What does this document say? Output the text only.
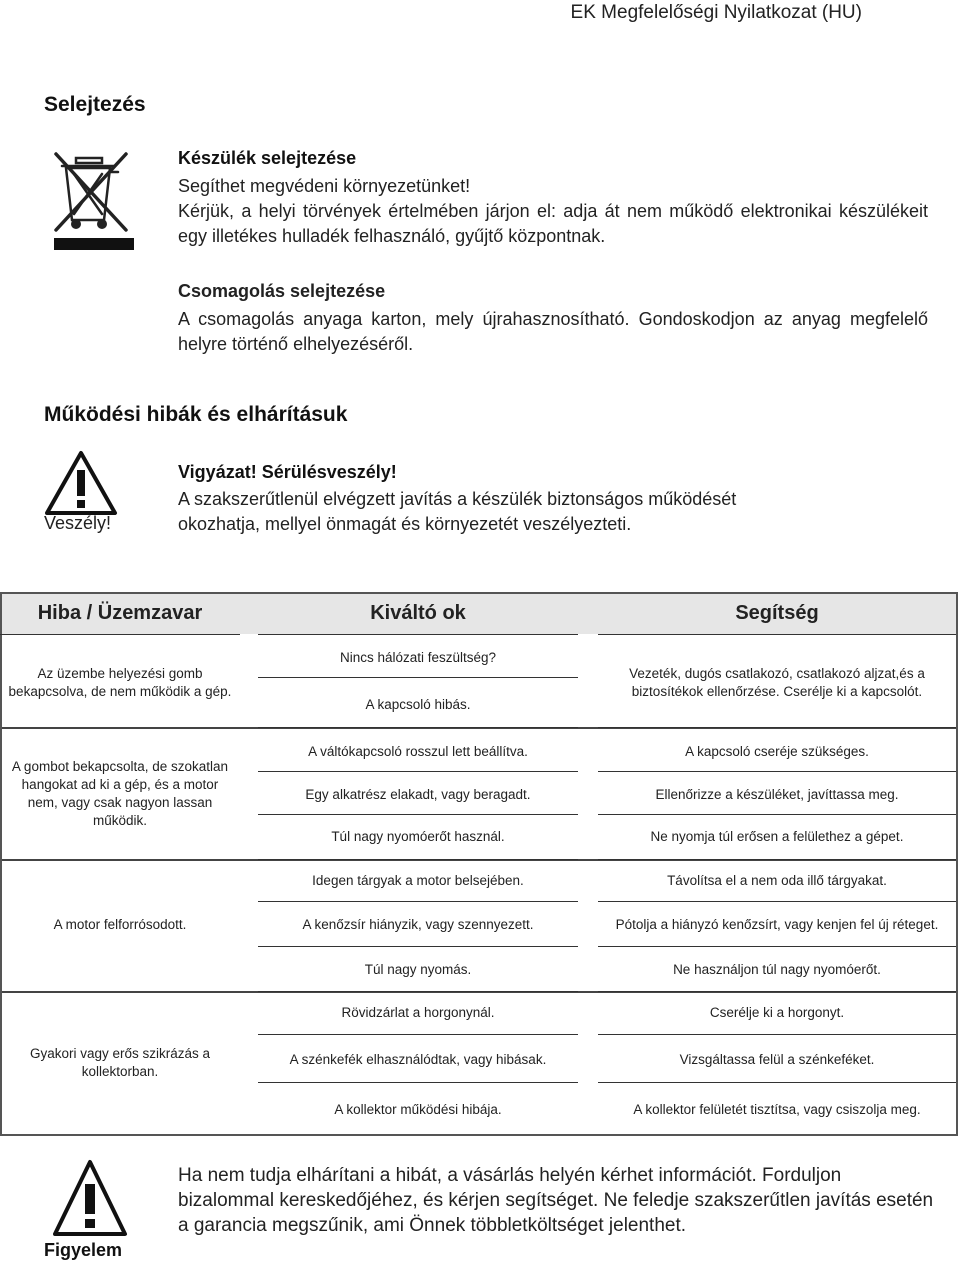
EK Megfelelőségi Nyilatkozat (HU)
Selejtezés
Készülék selejtezése
Segíthet megvédeni környezetünket!
Kérjük, a helyi törvények értelmében járjon el: adja át nem működő elektronikai készülékeit egy illetékes hulladék felhasználó, gyűjtő központnak.
Csomagolás selejtezése
A csomagolás anyaga karton, mely újrahasznosítható. Gondoskodjon az anyag megfelelő helyre történő elhelyezéséről.
Működési hibák és elhárításuk
Veszély!
Vigyázat! Sérülésveszély!
A szakszerűtlenül elvégzett javítás a készülék biztonságos működését
okozhatja, mellyel önmagát és környezetét veszélyezteti.
Hiba / Üzemzavar	Kiváltó ok	Segítség
Az üzembe helyezési gomb
bekapcsolva, de nem működik a gép.
Nincs hálózati feszültség?
A kapcsoló hibás.
Vezeték, dugós csatlakozó, csatlakozó aljzat,és a
biztosítékok ellenőrzése. Cserélje ki a kapcsolót.
A gombot bekapcsolta, de szokatlan
hangokat ad ki a gép, és a motor
nem, vagy csak nagyon lassan
működik.
A váltókapcsoló rosszul lett beállítva.
Egy alkatrész elakadt, vagy beragadt.
Túl nagy nyomóerőt használ.
A kapcsoló cseréje szükséges.
Ellenőrizze a készüléket, javíttassa meg.
Ne nyomja túl erősen a felülethez a gépet.
A motor felforrósodott.
Idegen tárgyak a motor belsejében.
A kenőzsír hiányzik, vagy szennyezett.
Túl nagy nyomás.
Távolítsa el a nem oda illő tárgyakat.
Pótolja a hiányzó kenőzsírt, vagy kenjen fel új réteget.
Ne használjon túl nagy nyomóerőt.
Gyakori vagy erős szikrázás a
kollektorban.
Rövidzárlat a horgonynál.
A szénkefék elhasználódtak, vagy hibásak.
A kollektor működési hibája.
Cserélje ki a horgonyt.
Vizsgáltassa felül a szénkeféket.
A kollektor felületét tisztítsa, vagy csiszolja meg.
Figyelem
Ha nem tudja elhárítani a hibát, a vásárlás helyén kérhet információt. Forduljon
bizalommal kereskedőjéhez, és kérjen segítséget. Ne feledje szakszerűtlen javítás esetén
a garancia megszűnik, ami Önnek többletköltséget jelenthet.
